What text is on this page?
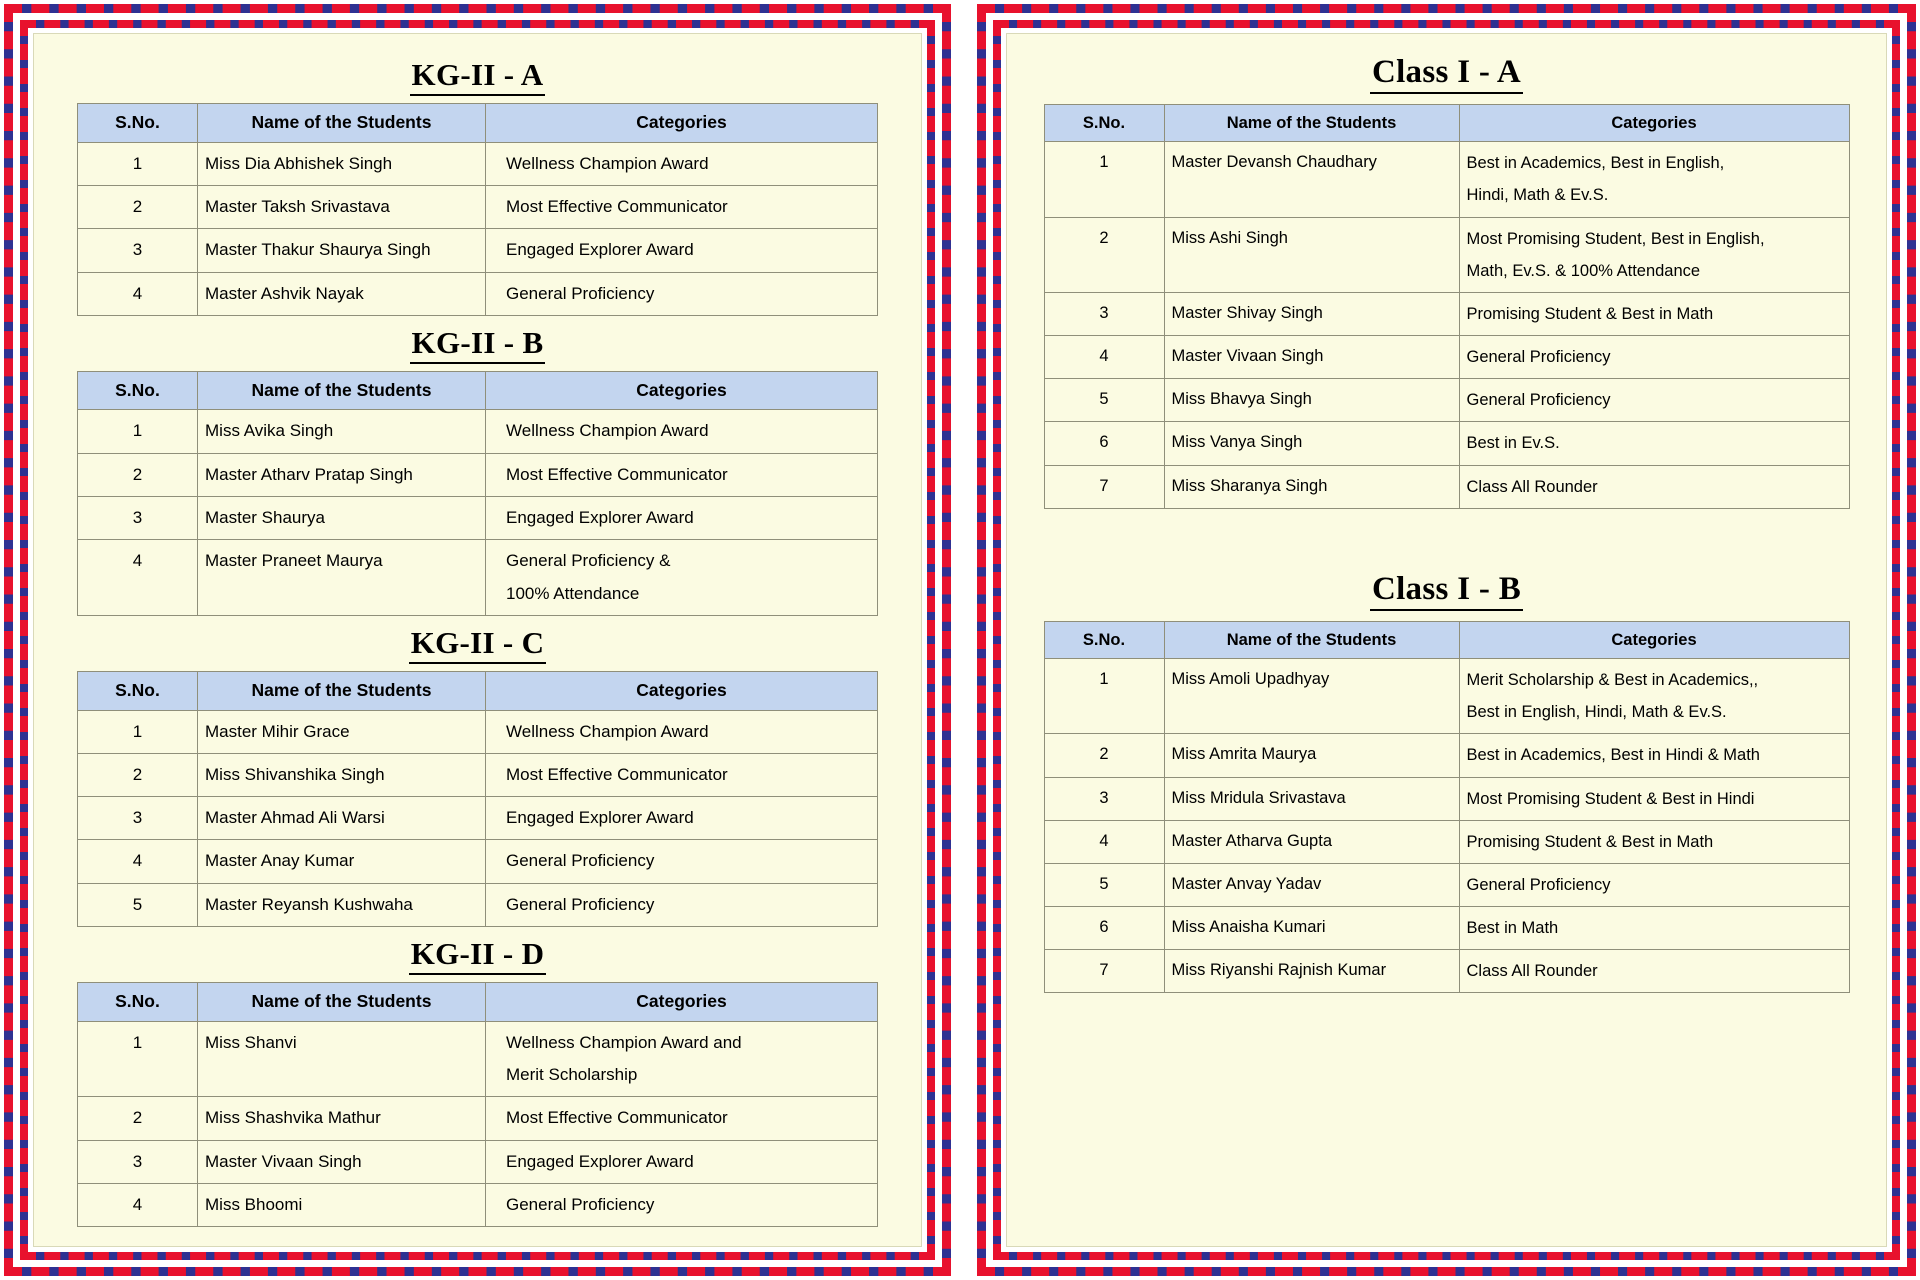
KG-II - A
S.No.	Name of the Students	Categories
1	Miss Dia Abhishek Singh	Wellness Champion Award

2	Master Taksh Srivastava	Most Effective Communicator

3	Master Thakur Shaurya Singh	Engaged Explorer Award

4	Master Ashvik Nayak	General Proficiency
KG-II - B
S.No.	Name of the Students	Categories
1	Miss Avika Singh	Wellness Champion Award

2	Master Atharv Pratap Singh	Most Effective Communicator

3	Master Shaurya	Engaged Explorer Award

4	Master Praneet Maurya	General Proficiency &
100% Attendance
KG-II - C
S.No.	Name of the Students	Categories
1	Master Mihir Grace	Wellness Champion Award

2	Miss Shivanshika Singh	Most Effective Communicator

3	Master Ahmad Ali Warsi	Engaged Explorer Award

4	Master Anay Kumar	General Proficiency

5	Master Reyansh Kushwaha	General Proficiency
KG-II - D
S.No.	Name of the Students	Categories
1	Miss Shanvi	Wellness Champion Award and
Merit Scholarship

2	Miss Shashvika Mathur	Most Effective Communicator

3	Master Vivaan Singh	Engaged Explorer Award

4	Miss Bhoomi	General Proficiency
Class I - A
S.No.	Name of the Students	Categories
1	Master Devansh Chaudhary	Best in Academics, Best in English,
Hindi, Math & Ev.S.

2	Miss Ashi Singh	Most Promising Student, Best in English,
Math, Ev.S. & 100% Attendance

3	Master Shivay Singh	Promising Student & Best in Math

4	Master Vivaan Singh	General Proficiency

5	Miss Bhavya Singh	General Proficiency

6	Miss Vanya Singh	Best in Ev.S.

7	Miss Sharanya Singh	Class All Rounder
Class I - B
S.No.	Name of the Students	Categories
1	Miss Amoli Upadhyay	Merit Scholarship & Best in Academics,,
Best in English, Hindi, Math & Ev.S.

2	Miss Amrita Maurya	Best in Academics, Best in Hindi & Math

3	Miss Mridula Srivastava	Most Promising Student & Best in Hindi

4	Master Atharva Gupta	Promising Student & Best in Math

5	Master Anvay Yadav	General Proficiency

6	Miss Anaisha Kumari	Best in Math

7	Miss Riyanshi Rajnish Kumar	Class All Rounder
